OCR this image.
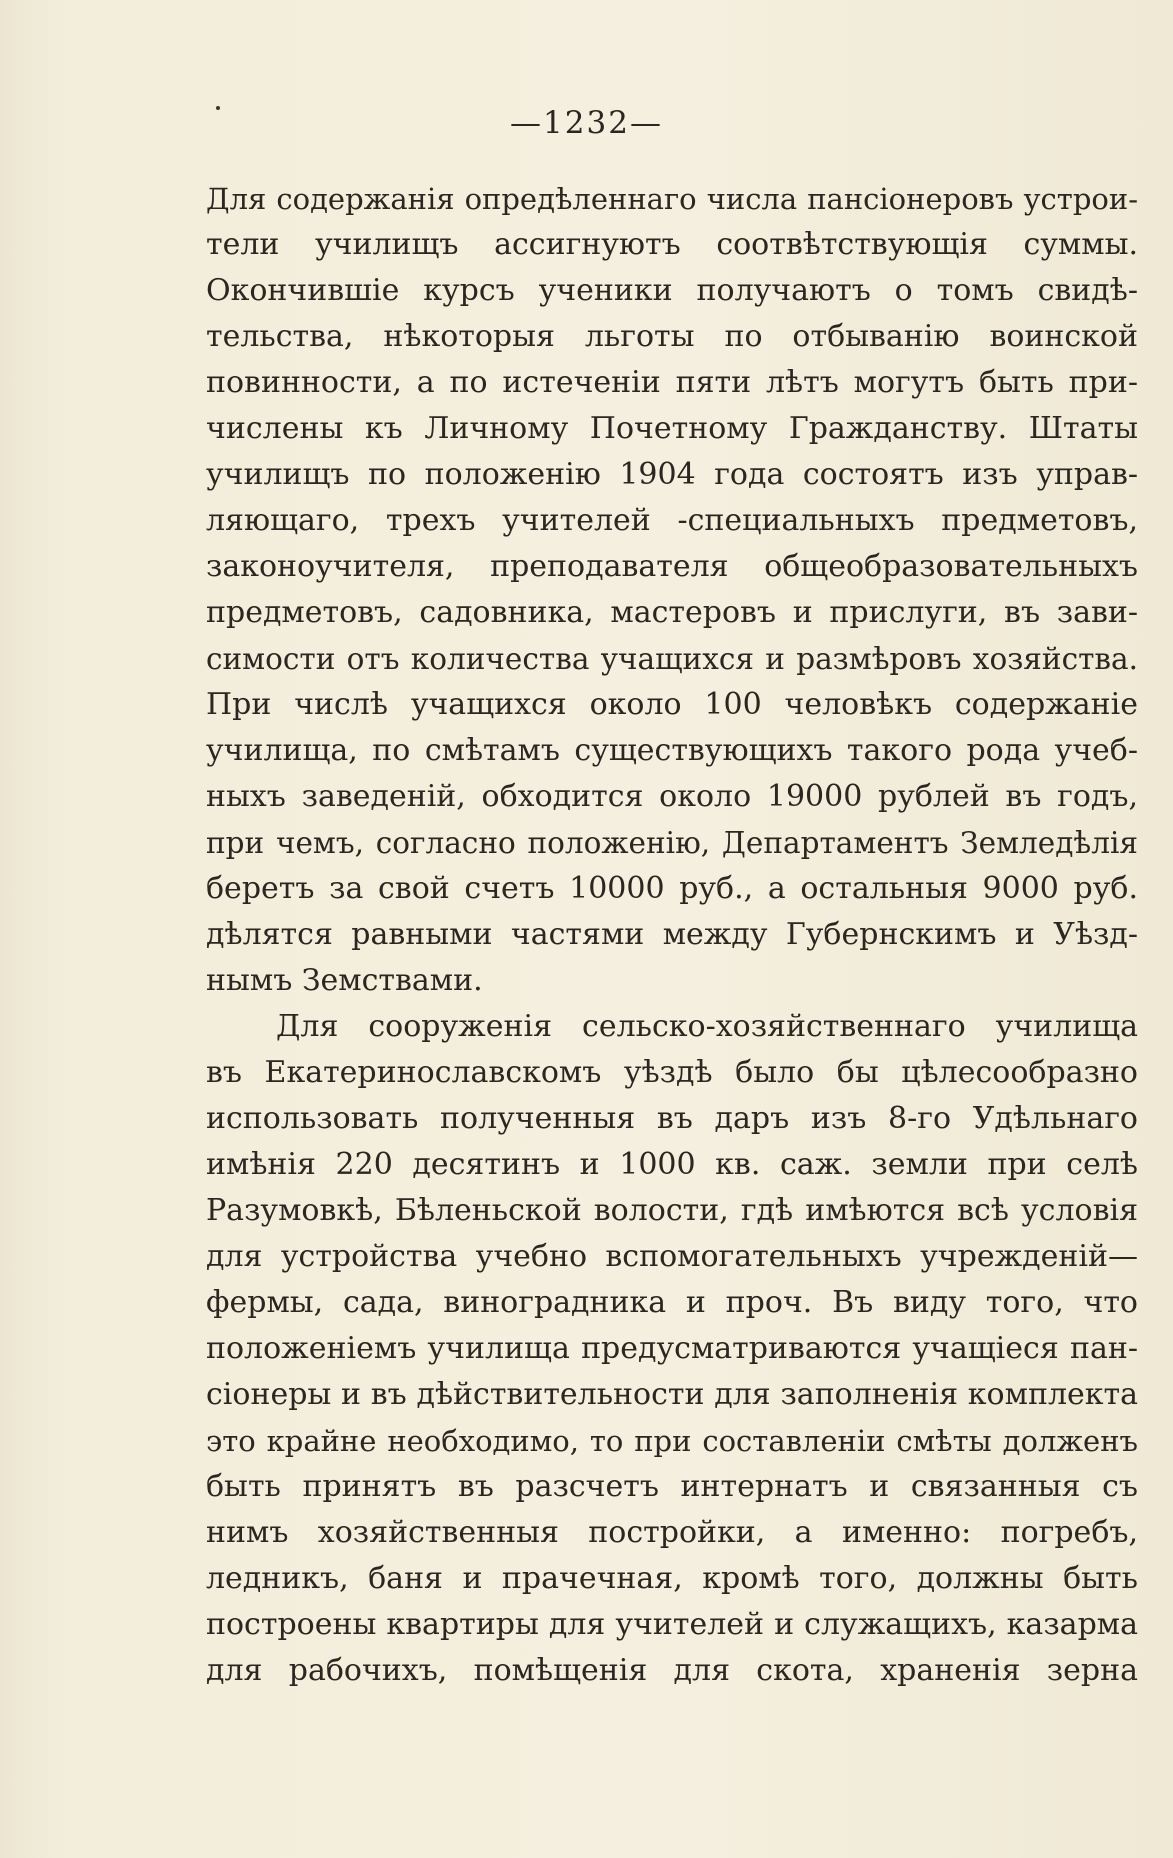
—1232—
Для содержанія опредѣленнаго числа пансіонеровъ устрои-
тели училищъ ассигнуютъ соотвѣтствующія суммы.
Окончившіе курсъ ученики получаютъ о томъ свидѣ-
тельства, нѣкоторыя льготы по отбыванію воинской
повинности, а по истеченіи пяти лѣтъ могутъ быть при-
числены къ Личному Почетному Гражданству. Штаты
училищъ по положенію 1904 года состоятъ изъ управ-
ляющаго, трехъ учителей -специальныхъ предметовъ,
законоучителя, преподавателя общеобразовательныхъ
предметовъ, садовника, мастеровъ и прислуги, въ зави-
симости отъ количества учащихся и размѣровъ хозяйства.
При числѣ учащихся около 100 человѣкъ содержаніе
училища, по смѣтамъ существующихъ такого рода учеб-
ныхъ заведеній, обходится около 19000 рублей въ годъ,
при чемъ, согласно положенію, Департаментъ Земледѣлія
беретъ за свой счетъ 10000 руб., а остальныя 9000 руб.
дѣлятся равными частями между Губернскимъ и Уѣзд-
нымъ Земствами.
Для сооруженія сельско-хозяйственнаго училища
въ Екатеринославскомъ уѣздѣ было бы цѣлесообразно
использовать полученныя въ даръ изъ 8-го Удѣльнаго
имѣнія 220 десятинъ и 1000 кв. саж. земли при селѣ
Разумовкѣ, Бѣленьской волости, гдѣ имѣются всѣ условія
для устройства учебно вспомогательныхъ учрежденій—
фермы, сада, виноградника и проч. Въ виду того, что
положеніемъ училища предусматриваются учащіеся пан-
сіонеры и въ дѣйствительности для заполненія комплекта
это крайне необходимо, то при составленіи смѣты долженъ
быть принятъ въ разсчетъ интернатъ и связанныя съ
нимъ хозяйственныя постройки, а именно: погребъ,
ледникъ, баня и прачечная, кромѣ того, должны быть
построены квартиры для учителей и служащихъ, казарма
для рабочихъ, помѣщенія для скота, храненія зерна
